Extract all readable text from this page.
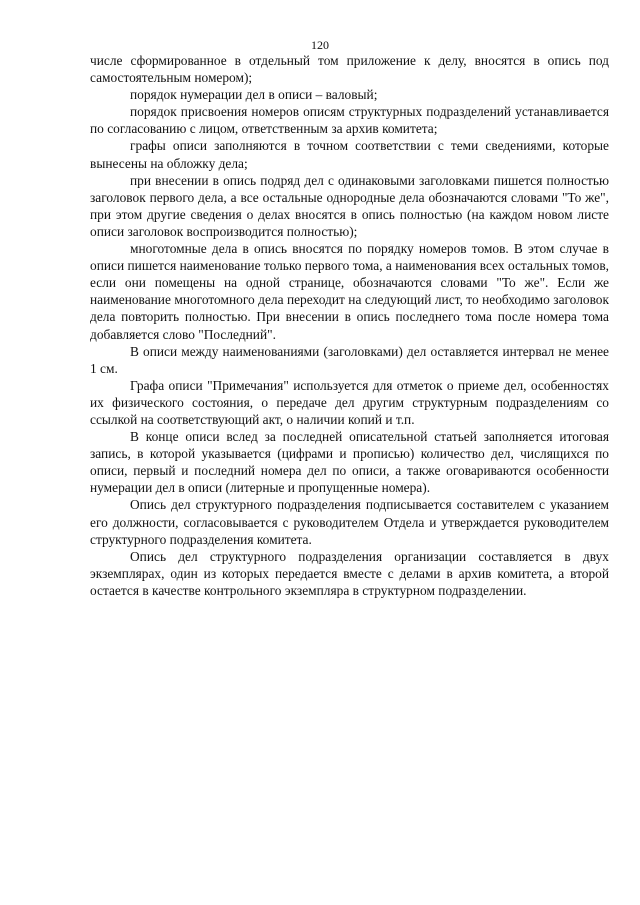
120

числе сформированное в отдельный том приложение к делу, вносятся в опись под самостоятельным номером);

порядок нумерации дел в описи – валовый;

порядок присвоения номеров описям структурных подразделений устанавливается по согласованию с лицом, ответственным за архив комитета;

графы описи заполняются в точном соответствии с теми сведениями, которые вынесены на обложку дела;

при внесении в опись подряд дел с одинаковыми заголовками пишется полностью заголовок первого дела, а все остальные однородные дела обозначаются словами "То же", при этом другие сведения о делах вносятся в опись полностью (на каждом новом листе описи заголовок воспроизводится полностью);

многотомные дела в опись вносятся по порядку номеров томов. В этом случае в описи пишется наименование только первого тома, а наименования всех остальных томов, если они помещены на одной странице, обозначаются словами "То же". Если же наименование многотомного дела переходит на следующий лист, то необходимо заголовок дела повторить полностью. При внесении в опись последнего тома после номера тома добавляется слово "Последний".

В описи между наименованиями (заголовками) дел оставляется интервал не менее 1 см.

Графа описи "Примечания" используется для отметок о приеме дел, особенностях их физического состояния, о передаче дел другим структурным подразделениям со ссылкой на соответствующий акт, о наличии копий и т.п.

В конце описи вслед за последней описательной статьей заполняется итоговая запись, в которой указывается (цифрами и прописью) количество дел, числящихся по описи, первый и последний номера дел по описи, а также оговариваются особенности нумерации дел в описи (литерные и пропущенные номера).

Опись дел структурного подразделения подписывается составителем с указанием его должности, согласовывается с руководителем Отдела и утверждается руководителем структурного подразделения комитета.

Опись дел структурного подразделения организации составляется в двух экземплярах, один из которых передается вместе с делами в архив комитета, а второй остается в качестве контрольного экземпляра в структурном подразделении.
